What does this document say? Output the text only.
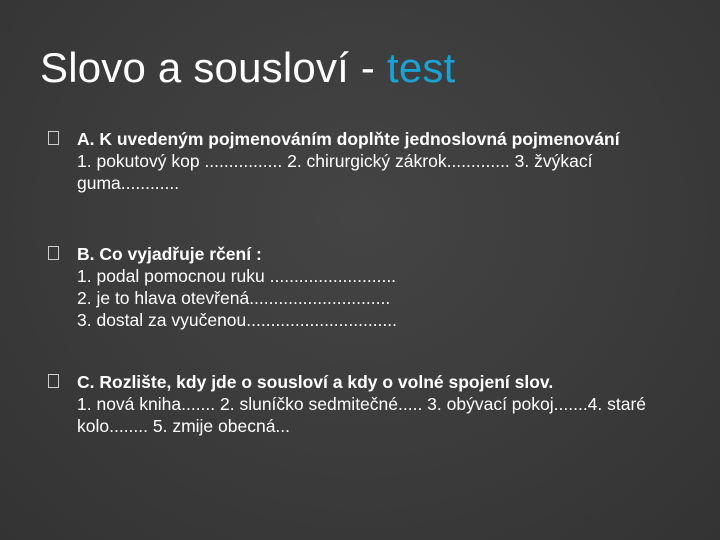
Slovo a sousloví - test
A. K uvedeným pojmenováním doplňte jednoslovná pojmenování
1. pokutový kop ................ 2. chirurgický zákrok............. 3. žvýkací guma............
B. Co vyjadřuje rčení :
1. podal pomocnou ruku ..........................
2. je to hlava otevřená.............................
3. dostal za vyučenou...............................
C. Rozlište, kdy jde o sousloví a kdy o volné spojení slov.
1. nová kniha....... 2. sluníčko sedmitečné..... 3. obývací pokoj.......4. staré kolo........ 5. zmije obecná...
